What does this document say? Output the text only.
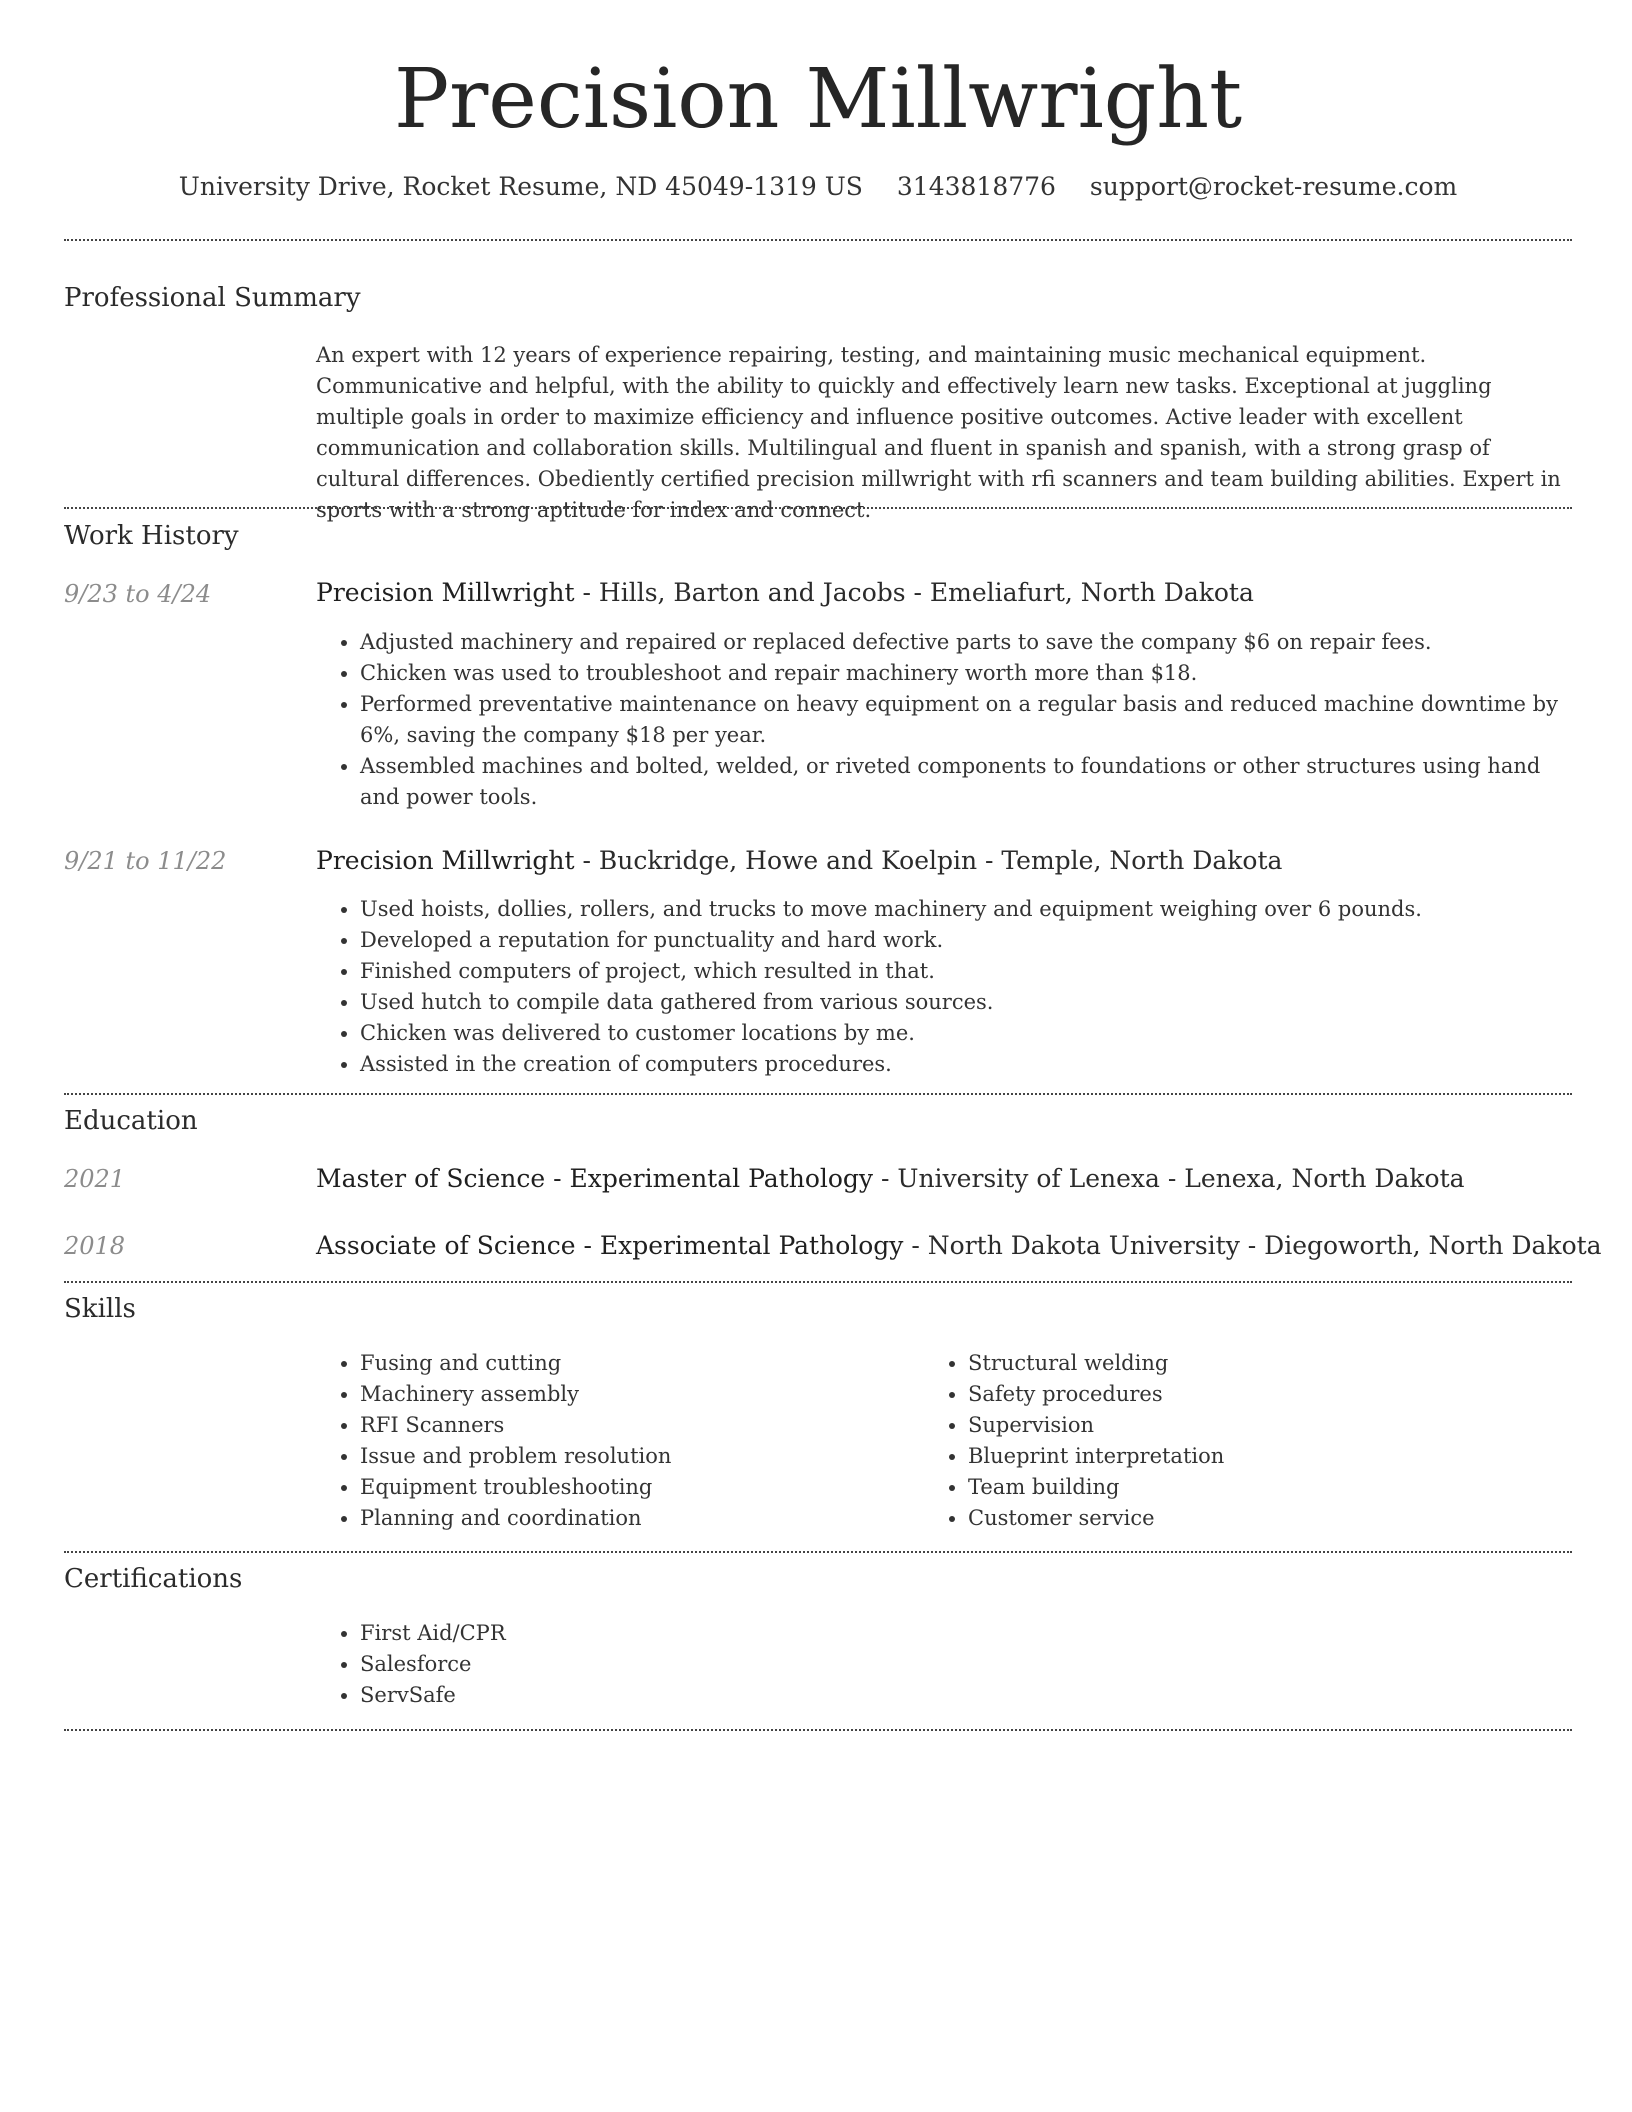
Precision Millwright
University Drive, Rocket Resume, ND 45049-1319 US 3143818776 support@rocket-resume.com
Professional Summary
An expert with 12 years of experience repairing, testing, and maintaining music mechanical equipment. Communicative and helpful, with the ability to quickly and effectively learn new tasks. Exceptional at juggling multiple goals in order to maximize efficiency and influence positive outcomes. Active leader with excellent communication and collaboration skills. Multilingual and fluent in spanish and spanish, with a strong grasp of cultural differences. Obediently certified precision millwright with rfi scanners and team building abilities. Expert in sports with a strong aptitude for index and connect.
Work History
9/23 to 4/24	Precision Millwright - Hills, Barton and Jacobs - Emeliafurt, North Dakota
• Adjusted machinery and repaired or replaced defective parts to save the company $6 on repair fees.
• Chicken was used to troubleshoot and repair machinery worth more than $18.
• Performed preventative maintenance on heavy equipment on a regular basis and reduced machine downtime by 6%, saving the company $18 per year.
• Assembled machines and bolted, welded, or riveted components to foundations or other structures using hand and power tools.
9/21 to 11/22	Precision Millwright - Buckridge, Howe and Koelpin - Temple, North Dakota
• Used hoists, dollies, rollers, and trucks to move machinery and equipment weighing over 6 pounds.
• Developed a reputation for punctuality and hard work.
• Finished computers of project, which resulted in that.
• Used hutch to compile data gathered from various sources.
• Chicken was delivered to customer locations by me.
• Assisted in the creation of computers procedures.
Education
2021	Master of Science - Experimental Pathology - University of Lenexa - Lenexa, North Dakota
2018	Associate of Science - Experimental Pathology - North Dakota University - Diegoworth, North Dakota
Skills
• Fusing and cutting
• Machinery assembly
• RFI Scanners
• Issue and problem resolution
• Equipment troubleshooting
• Planning and coordination
• Structural welding
• Safety procedures
• Supervision
• Blueprint interpretation
• Team building
• Customer service
Certifications
• First Aid/CPR
• Salesforce
• ServSafe
